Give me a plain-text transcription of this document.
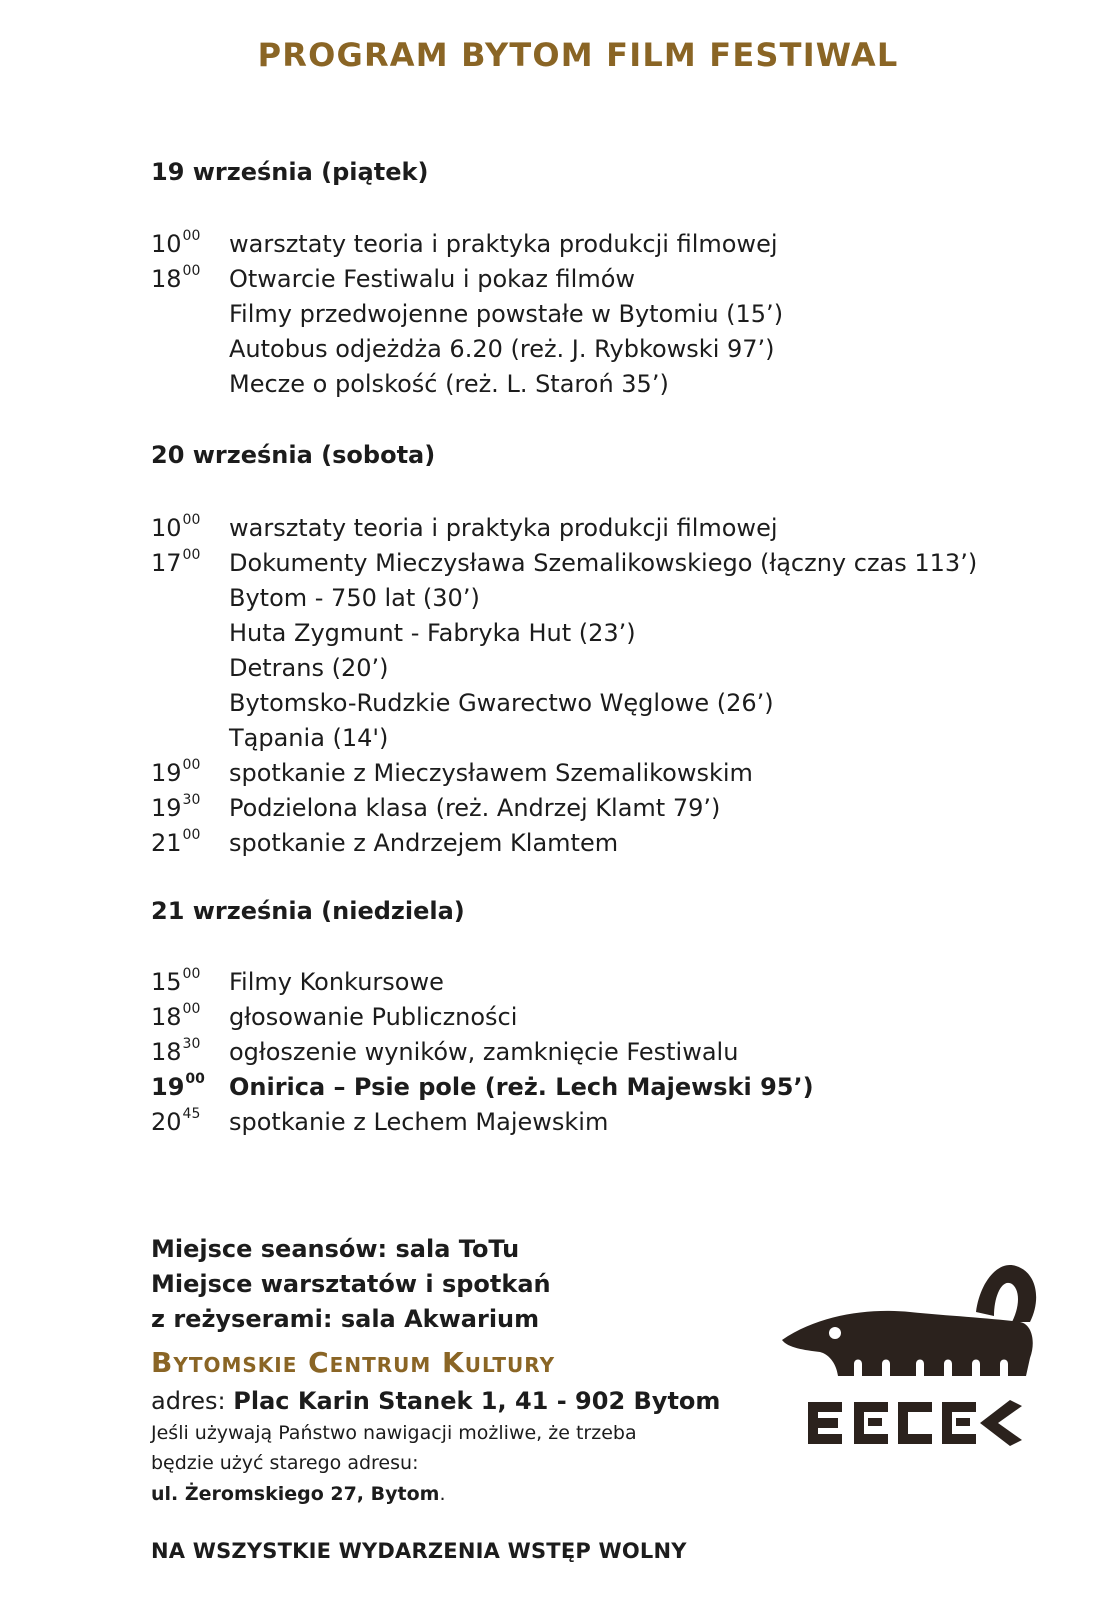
PROGRAM BYTOM FILM FESTIWAL
19 września (piątek)
$10^{00}$	warsztaty teoria i praktyka produkcji filmowej
$18^{00}$	Otwarcie Festiwalu i pokaz filmów
Filmy przedwojenne powstałe w Bytomiu (15’)
Autobus odjeżdża 6.20 (reż. J. Rybkowski 97’)
Mecze o polskość (reż. L. Staroń 35’)
20 września (sobota)
$10^{00}$	warsztaty teoria i praktyka produkcji filmowej
$17^{00}$	Dokumenty Mieczysława Szemalikowskiego (łączny czas 113’)
Bytom - 750 lat (30’)
Huta Zygmunt - Fabryka Hut (23’)
Detrans (20’)
Bytomsko-Rudzkie Gwarectwo Węglowe (26’)
Tąpania (14')
$19^{00}$	spotkanie z Mieczysławem Szemalikowskim
$19^{30}$	Podzielona klasa (reż. Andrzej Klamt 79’)
$21^{00}$	spotkanie z Andrzejem Klamtem
21 września (niedziela)
$15^{00}$	Filmy Konkursowe
$18^{00}$	głosowanie Publiczności
$18^{30}$	ogłoszenie wyników, zamknięcie Festiwalu
$19^{00}$	Onirica – Psie pole (reż. Lech Majewski 95’)
$20^{45}$	spotkanie z Lechem Majewskim
Miejsce seansów: sala ToTu
Miejsce warsztatów i spotkań
z reżyserami: sala Akwarium
Bytomskie Centrum Kultury
adres: Plac Karin Stanek 1, 41 - 902 Bytom
Jeśli używają Państwo nawigacji możliwe, że trzeba
będzie użyć starego adresu:
ul. Żeromskiego 27, Bytom.
NA WSZYSTKIE WYDARZENIA WSTĘP WOLNY
